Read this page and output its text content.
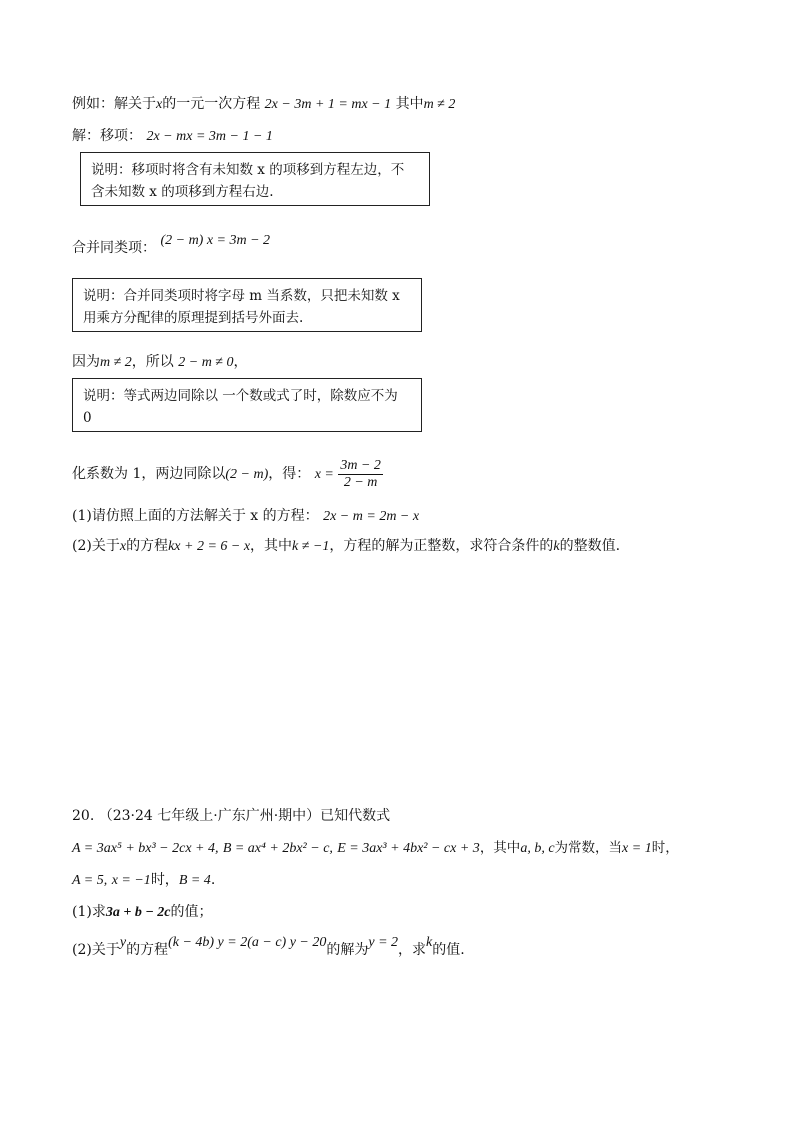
例如：解关于x的一元一次方程 2x − 3m + 1 = mx − 1 其中m ≠ 2
解：移项： 2x − mx = 3m − 1 − 1
说明：移项时将含有未知数 x 的项移到方程左边，不
含未知数 x 的项移到方程右边.
合并同类项： (2 − m) x = 3m − 2
说明：合并同类项时将字母 m 当系数，只把未知数 x
用乘方分配律的原理提到括号外面去.
因为m ≠ 2，所以 2 − m ≠ 0，
说明：等式两边同除以 一个数或式了时，除数应不为
0
化系数为 1，两边同除以(2 − m)，得： $x = \frac{3m - 2}{2 - m}$
(1)请仿照上面的方法解关于 x 的方程： 2x − m = 2m − x
(2)关于x的方程kx + 2 = 6 − x，其中k ≠ −1，方程的解为正整数，求符合条件的k的整数值.
20. （23·24 七年级上·广东广州·期中）已知代数式
A = 3ax⁵ + bx³ − 2cx + 4, B = ax⁴ + 2bx² − c, E = 3ax³ + 4bx² − cx + 3，其中a, b, c为常数，当x = 1时，
A = 5, x = −1时，B = 4.
(1)求3a + b − 2c的值；
(2)关于y的方程(k − 4b) y = 2(a − c) y − 20的解为y = 2，求k的值.
